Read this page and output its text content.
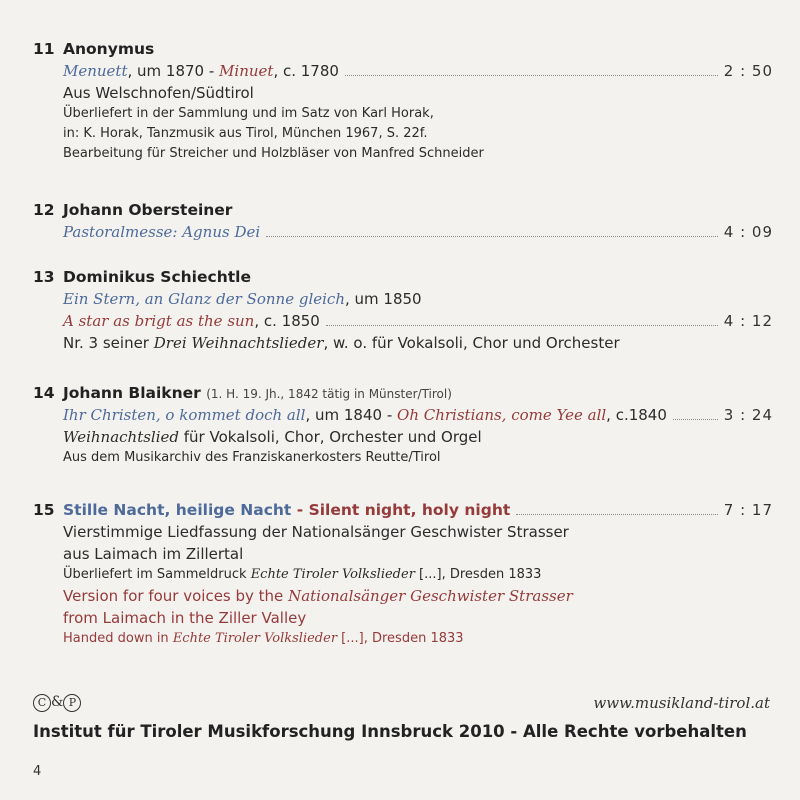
11 Anonymus
Menuett, um 1870 - Minuet, c. 1780	2 : 50
Aus Welschnofen/Südtirol
Überliefert in der Sammlung und im Satz von Karl Horak,
in: K. Horak, Tanzmusik aus Tirol, München 1967, S. 22f.
Bearbeitung für Streicher und Holzbläser von Manfred Schneider
12 Johann Obersteiner
Pastoralmesse: Agnus Dei	4 : 09
13 Dominikus Schiechtle
Ein Stern, an Glanz der Sonne gleich, um 1850
A star as brigt as the sun, c. 1850	4 : 12
Nr. 3 seiner Drei Weihnachtslieder, w. o. für Vokalsoli, Chor und Orchester
14 Johann Blaikner (1. H. 19. Jh., 1842 tätig in Münster/Tirol)
Ihr Christen, o kommet doch all, um 1840 - Oh Christians, come Yee all, c.1840	3 : 24
Weihnachtslied für Vokalsoli, Chor, Orchester und Orgel
Aus dem Musikarchiv des Franziskanerkosters Reutte/Tirol
15 Stille Nacht, heilige Nacht - Silent night, holy night	7 : 17
Vierstimmige Liedfassung der Nationalsänger Geschwister Strasser
aus Laimach im Zillertal
Überliefert im Sammeldruck Echte Tiroler Volkslieder [...], Dresden 1833
Version for four voices by the Nationalsänger Geschwister Strasser
from Laimach in the Ziller Valley
Handed down in Echte Tiroler Volkslieder [...], Dresden 1833
C & P	www.musikland-tirol.at
Institut für Tiroler Musikforschung Innsbruck 2010 - Alle Rechte vorbehalten
4
